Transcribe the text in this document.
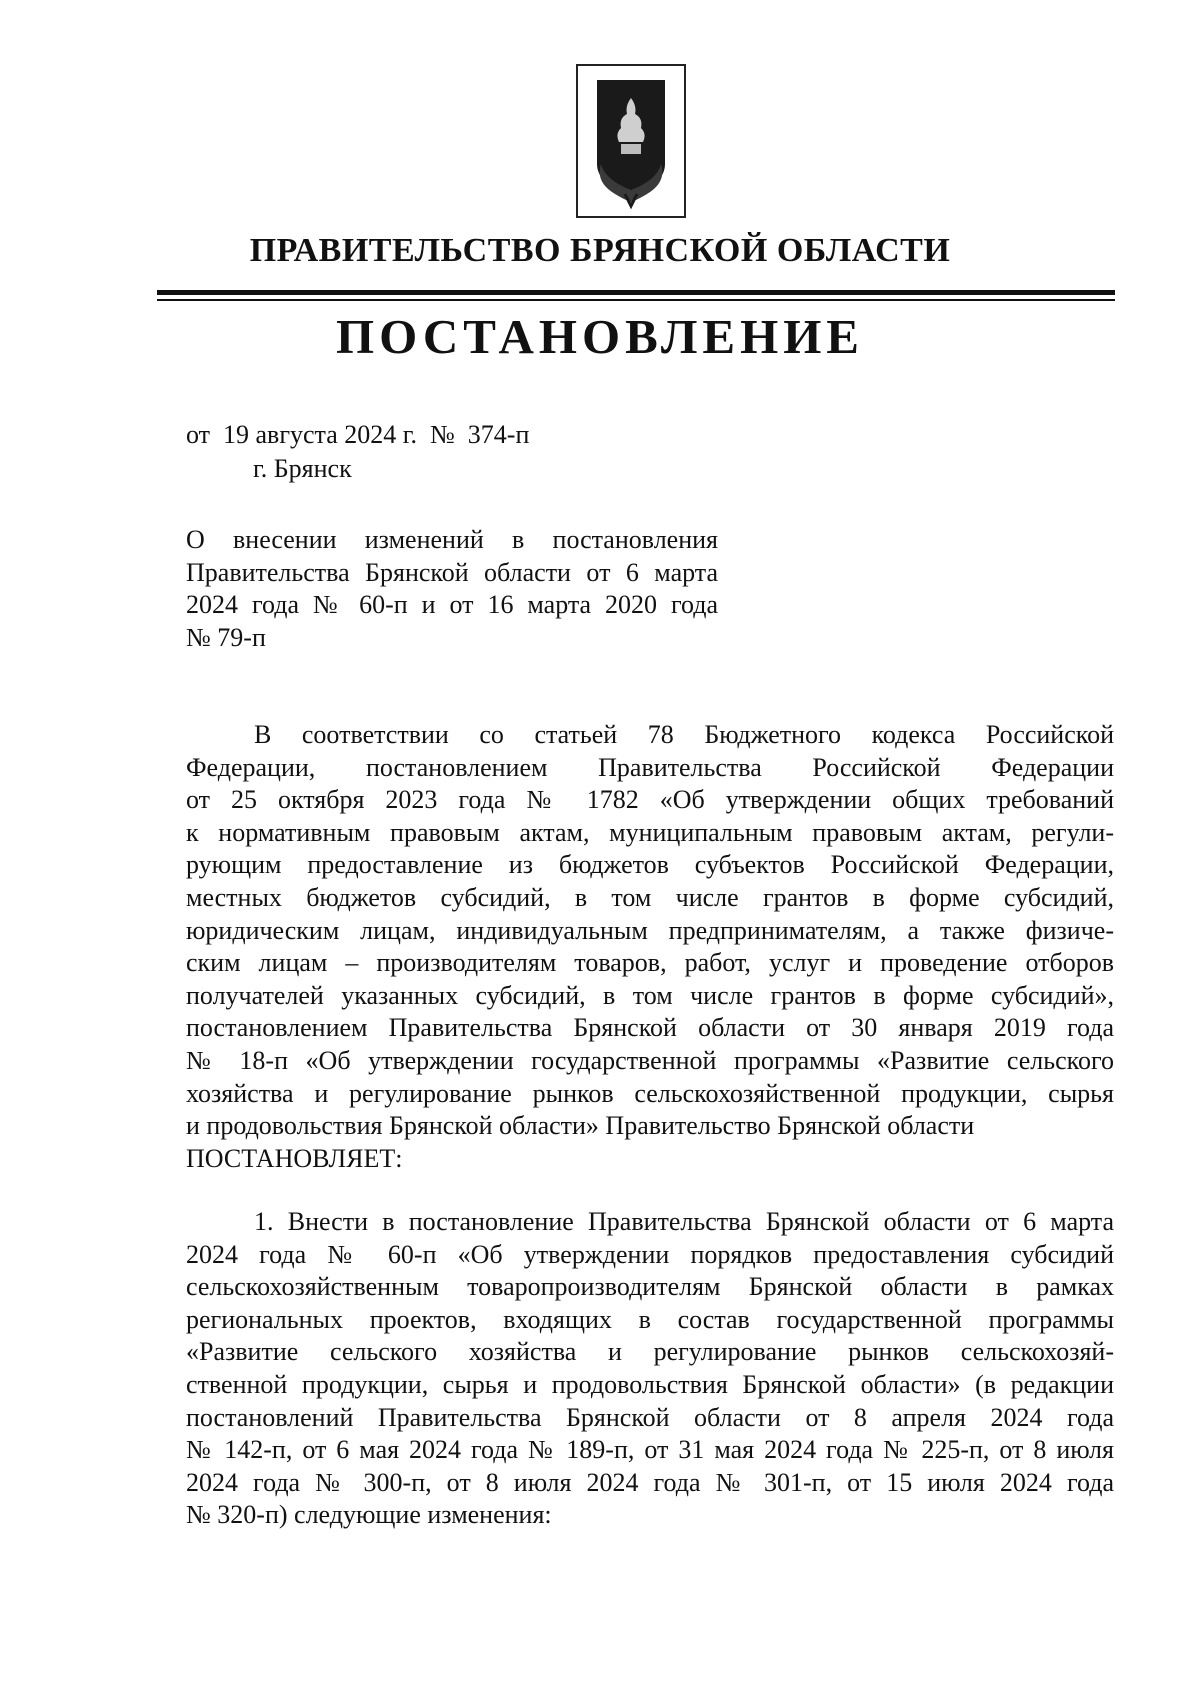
ПРАВИТЕЛЬСТВО БРЯНСКОЙ ОБЛАСТИ
ПОСТАНОВЛЕНИЕ
от  19 августа 2024 г.  №  374-п
г. Брянск
О внесении изменений в постановления
Правительства Брянской области от 6 марта
2024 года № 60-п и от 16 марта 2020 года
№ 79-п
В соответствии со статьей 78 Бюджетного кодекса Российской
Федерации, постановлением Правительства Российской Федерации
от 25 октября 2023 года № 1782 «Об утверждении общих требований
к нормативным правовым актам, муниципальным правовым актам, регули-
рующим предоставление из бюджетов субъектов Российской Федерации,
местных бюджетов субсидий, в том числе грантов в форме субсидий,
юридическим лицам, индивидуальным предпринимателям, а также физиче-
ским лицам – производителям товаров, работ, услуг и проведение отборов
получателей указанных субсидий, в том числе грантов в форме субсидий»,
постановлением Правительства Брянской области от 30 января 2019 года
№ 18-п «Об утверждении государственной программы «Развитие сельского
хозяйства и регулирование рынков сельскохозяйственной продукции, сырья
и продовольствия Брянской области» Правительство Брянской области
ПОСТАНОВЛЯЕТ:
1. Внести в постановление Правительства Брянской области от 6 марта
2024 года № 60-п «Об утверждении порядков предоставления субсидий
сельскохозяйственным товаропроизводителям Брянской области в рамках
региональных проектов, входящих в состав государственной программы
«Развитие сельского хозяйства и регулирование рынков сельскохозяй-
ственной продукции, сырья и продовольствия Брянской области» (в редакции
постановлений Правительства Брянской области от 8 апреля 2024 года
№ 142-п, от 6 мая 2024 года № 189-п, от 31 мая 2024 года № 225-п, от 8 июля
2024 года № 300-п, от 8 июля 2024 года № 301-п, от 15 июля 2024 года
№ 320-п) следующие изменения:
